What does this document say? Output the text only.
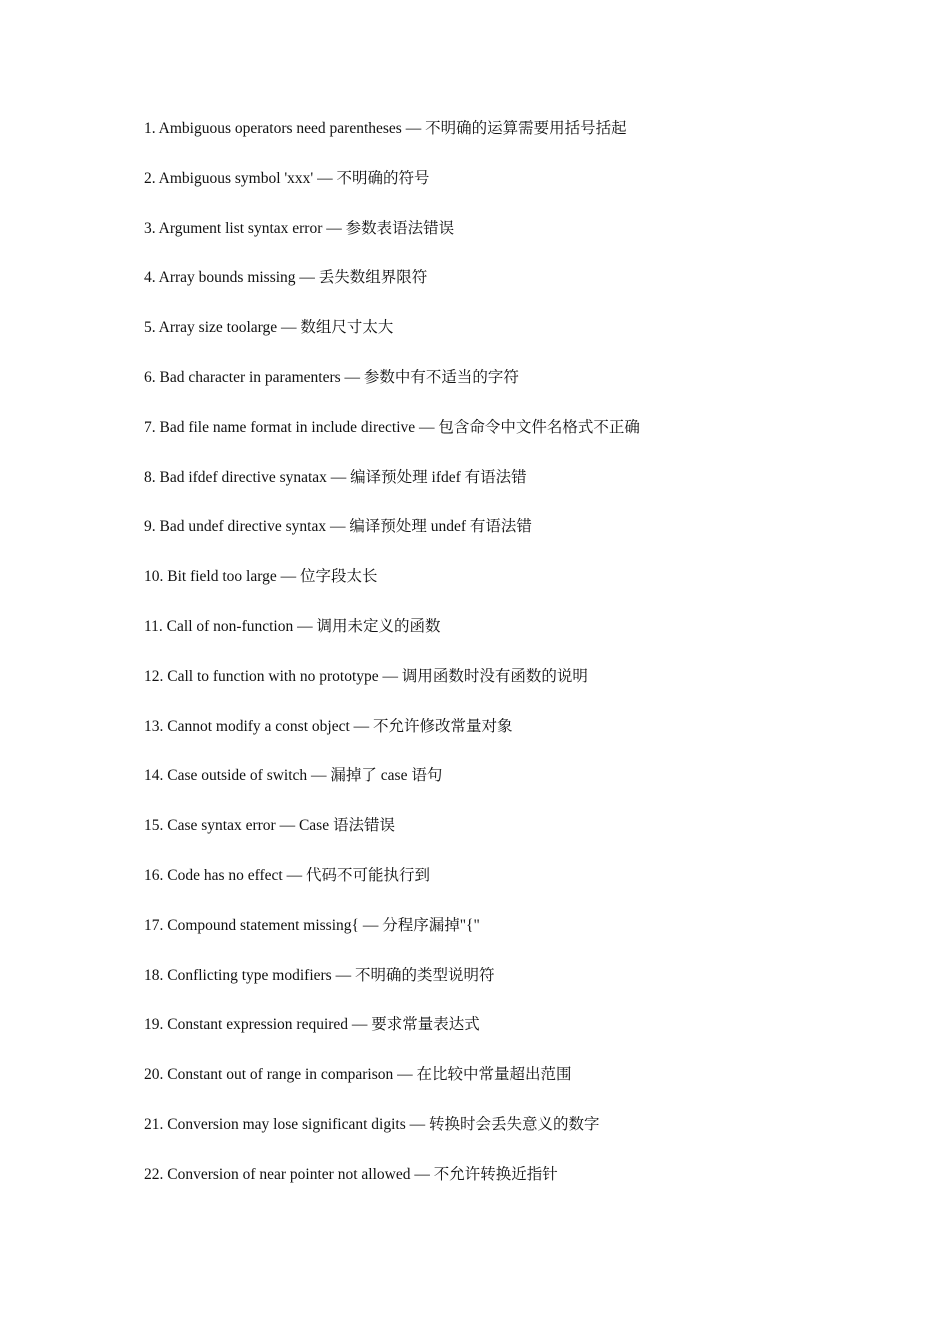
1. Ambiguous operators need parentheses — 不明确的运算需要用括号括起
2. Ambiguous symbol 'xxx' — 不明确的符号
3. Argument list syntax error — 参数表语法错误
4. Array bounds missing — 丢失数组界限符
5. Array size toolarge — 数组尺寸太大
6. Bad character in paramenters — 参数中有不适当的字符
7. Bad file name format in include directive — 包含命令中文件名格式不正确
8. Bad ifdef directive synatax — 编译预处理 ifdef 有语法错
9. Bad undef directive syntax — 编译预处理 undef 有语法错
10. Bit field too large — 位字段太长
11. Call of non-function — 调用未定义的函数
12. Call to function with no prototype — 调用函数时没有函数的说明
13. Cannot modify a const object — 不允许修改常量对象
14. Case outside of switch — 漏掉了 case 语句
15. Case syntax error — Case 语法错误
16. Code has no effect — 代码不可能执行到
17. Compound statement missing{ — 分程序漏掉"{"
18. Conflicting type modifiers — 不明确的类型说明符
19. Constant expression required — 要求常量表达式
20. Constant out of range in comparison — 在比较中常量超出范围
21. Conversion may lose significant digits — 转换时会丢失意义的数字
22. Conversion of near pointer not allowed — 不允许转换近指针
